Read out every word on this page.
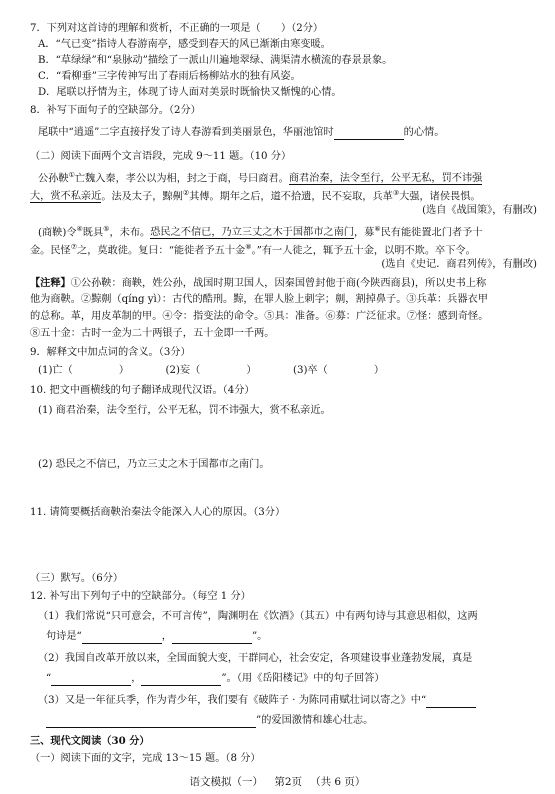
7．下列对这首诗的理解和赏析，不正确的一项是（　　）（2分）
A．“气已变”指诗人春游南亭，感受到春天的风已渐渐由寒变暖。
B．“草绿绿”和“泉脉动”描绘了一派山川遍地翠绿、满渠清水横流的春景景象。
C．“看柳垂”三字传神写出了春雨后杨柳站水的独有风姿。
D．尾联以抒情为主，体现了诗人面对美景时既愉快又惭愧的心情。
8．补写下面句子的空缺部分。（2分）
尾联中“逍遥”二字直接抒发了诗人春游看到美丽景色，华丽池馆时	的心情。
（二）阅读下面两个文言语段，完成 9～11 题。（10 分）
公孙鞅①亡魏入秦，孝公以为相，封之于商，号曰商君。商君治秦，法令至行，公平无私，罚不讳强
大，赏不私亲近。法及太子，黥劓②其傅。期年之后，道不拾遗，民不妄取，兵革③大强，诸侯畏惧。
(选自《战国策》，有删改)
(商鞅)令④既具⑤，未布。恐民之不信已，乃立三丈之木于国都市之南门，募⑥民有能徙置北门者予十
金。民怪⑦之，莫敢徙。复曰：“能徙者予五十金⑧。”有一人徙之，辄予五十金，以明不欺。卒下令。
(选自《史记．商君列传》，有删改)
【注释】①公孙鞅：商鞅，姓公孙，战国时期卫国人，因秦国曾封他于商(今陕西商县)，所以史书上称
他为商鞅。②黥劓（qíng yì）：古代的酷刑。黥，在罪人脸上刺字；劓，割掉鼻子。③兵革：兵器衣甲
的总称。革，用皮革制的甲。④令：指变法的命令。⑤具：准备。⑥募：广泛征求。⑦怪：感到奇怪。
⑧五十金：古时一金为二十两银子，五十金即一千两。
9．解释文中加点词的含义。（3分）
(1)亡（	）	(2)妄（	）	(3)卒（	）
10. 把文中画横线的句子翻译成现代汉语。（4分）
(1) 商君治秦，法令至行，公平无私，罚不讳强大，赏不私亲近。
(2) 恐民之不信已，乃立三丈之木于国都市之南门。
11. 请简要概括商鞅治秦法令能深入人心的原因。（3分）
（三）默写。（6分）
12. 补写出下列句子中的空缺部分。（每空 1 分）
（1）我们常说“只可意会，不可言传”，陶渊明在《饮酒》（其五）中有两句诗与其意思相似，这两
句诗是“	，	”。
（2）我国自改革开放以来，全国面貌大变，干群同心，社会安定，各项建设事业蓬勃发展，真是
“	，	”。（用《岳阳楼记》中的句子回答）
（3）又是一年征兵季，作为青少年，我们要有《破阵子 · 为陈同甫赋壮词以寄之》中“
”的爱国激情和雄心壮志。
三、现代文阅读（30 分）
（一）阅读下面的文字，完成 13～15 题。（8 分）
语文模拟（一） 第2页 （共 6 页）
